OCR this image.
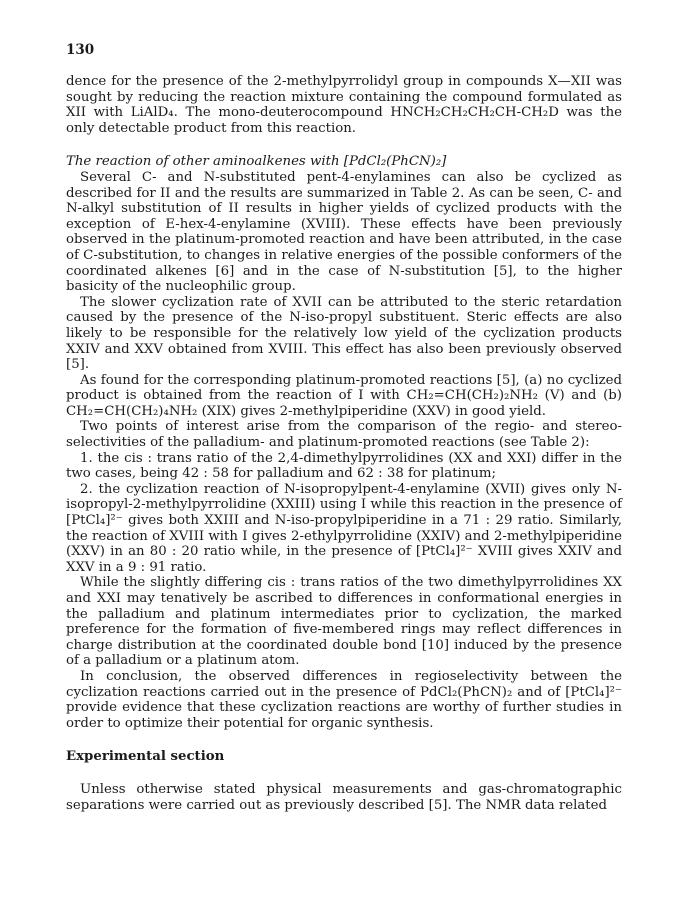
130

dence for the presence of the 2-methylpyrrolidyl group in compounds X—XII was sought by reducing the reaction mixture containing the compound formulated as XII with LiAlD₄. The mono-deuterocompound HNCH₂CH₂CH₂CH-CH₂D was the only detectable product from this reaction.

The reaction of other aminoalkenes with [PdCl₂(PhCN)₂]

Several C- and N-substituted pent-4-enylamines can also be cyclized as described for II and the results are summarized in Table 2. As can be seen, C- and N-alkyl substitution of II results in higher yields of cyclized products with the exception of E-hex-4-enylamine (XVIII). These effects have been previously observed in the platinum-promoted reaction and have been attributed, in the case of C-substitution, to changes in relative energies of the possible conformers of the coordinated alkenes [6] and in the case of N-substitution [5], to the higher basicity of the nucleophilic group.

The slower cyclization rate of XVII can be attributed to the steric retardation caused by the presence of the N-iso-propyl substituent. Steric effects are also likely to be responsible for the relatively low yield of the cyclization products XXIV and XXV obtained from XVIII. This effect has also been previously observed [5].

As found for the corresponding platinum-promoted reactions [5], (a) no cyclized product is obtained from the reaction of I with CH₂=CH(CH₂)₂NH₂ (V) and (b) CH₂=CH(CH₂)₄NH₂ (XIX) gives 2-methylpiperidine (XXV) in good yield.

Two points of interest arise from the comparison of the regio- and stereo-selectivities of the palladium- and platinum-promoted reactions (see Table 2):

1. the cis : trans ratio of the 2,4-dimethylpyrrolidines (XX and XXI) differ in the two cases, being 42 : 58 for palladium and 62 : 38 for platinum;

2. the cyclization reaction of N-isopropylpent-4-enylamine (XVII) gives only N-isopropyl-2-methylpyrrolidine (XXIII) using I while this reaction in the presence of [PtCl₄]²⁻ gives both XXIII and N-iso-propylpiperidine in a 71 : 29 ratio. Similarly, the reaction of XVIII with I gives 2-ethylpyrrolidine (XXIV) and 2-methylpiperidine (XXV) in an 80 : 20 ratio while, in the presence of [PtCl₄]²⁻ XVIII gives XXIV and XXV in a 9 : 91 ratio.

While the slightly differing cis : trans ratios of the two dimethylpyrrolidines XX and XXI may tenatively be ascribed to differences in conformational energies in the palladium and platinum intermediates prior to cyclization, the marked preference for the formation of five-membered rings may reflect differences in charge distribution at the coordinated double bond [10] induced by the presence of a palladium or a platinum atom.

In conclusion, the observed differences in regioselectivity between the cyclization reactions carried out in the presence of PdCl₂(PhCN)₂ and of [PtCl₄]²⁻ provide evidence that these cyclization reactions are worthy of further studies in order to optimize their potential for organic synthesis.

Experimental section

Unless otherwise stated physical measurements and gas-chromatographic separations were carried out as previously described [5]. The NMR data related
